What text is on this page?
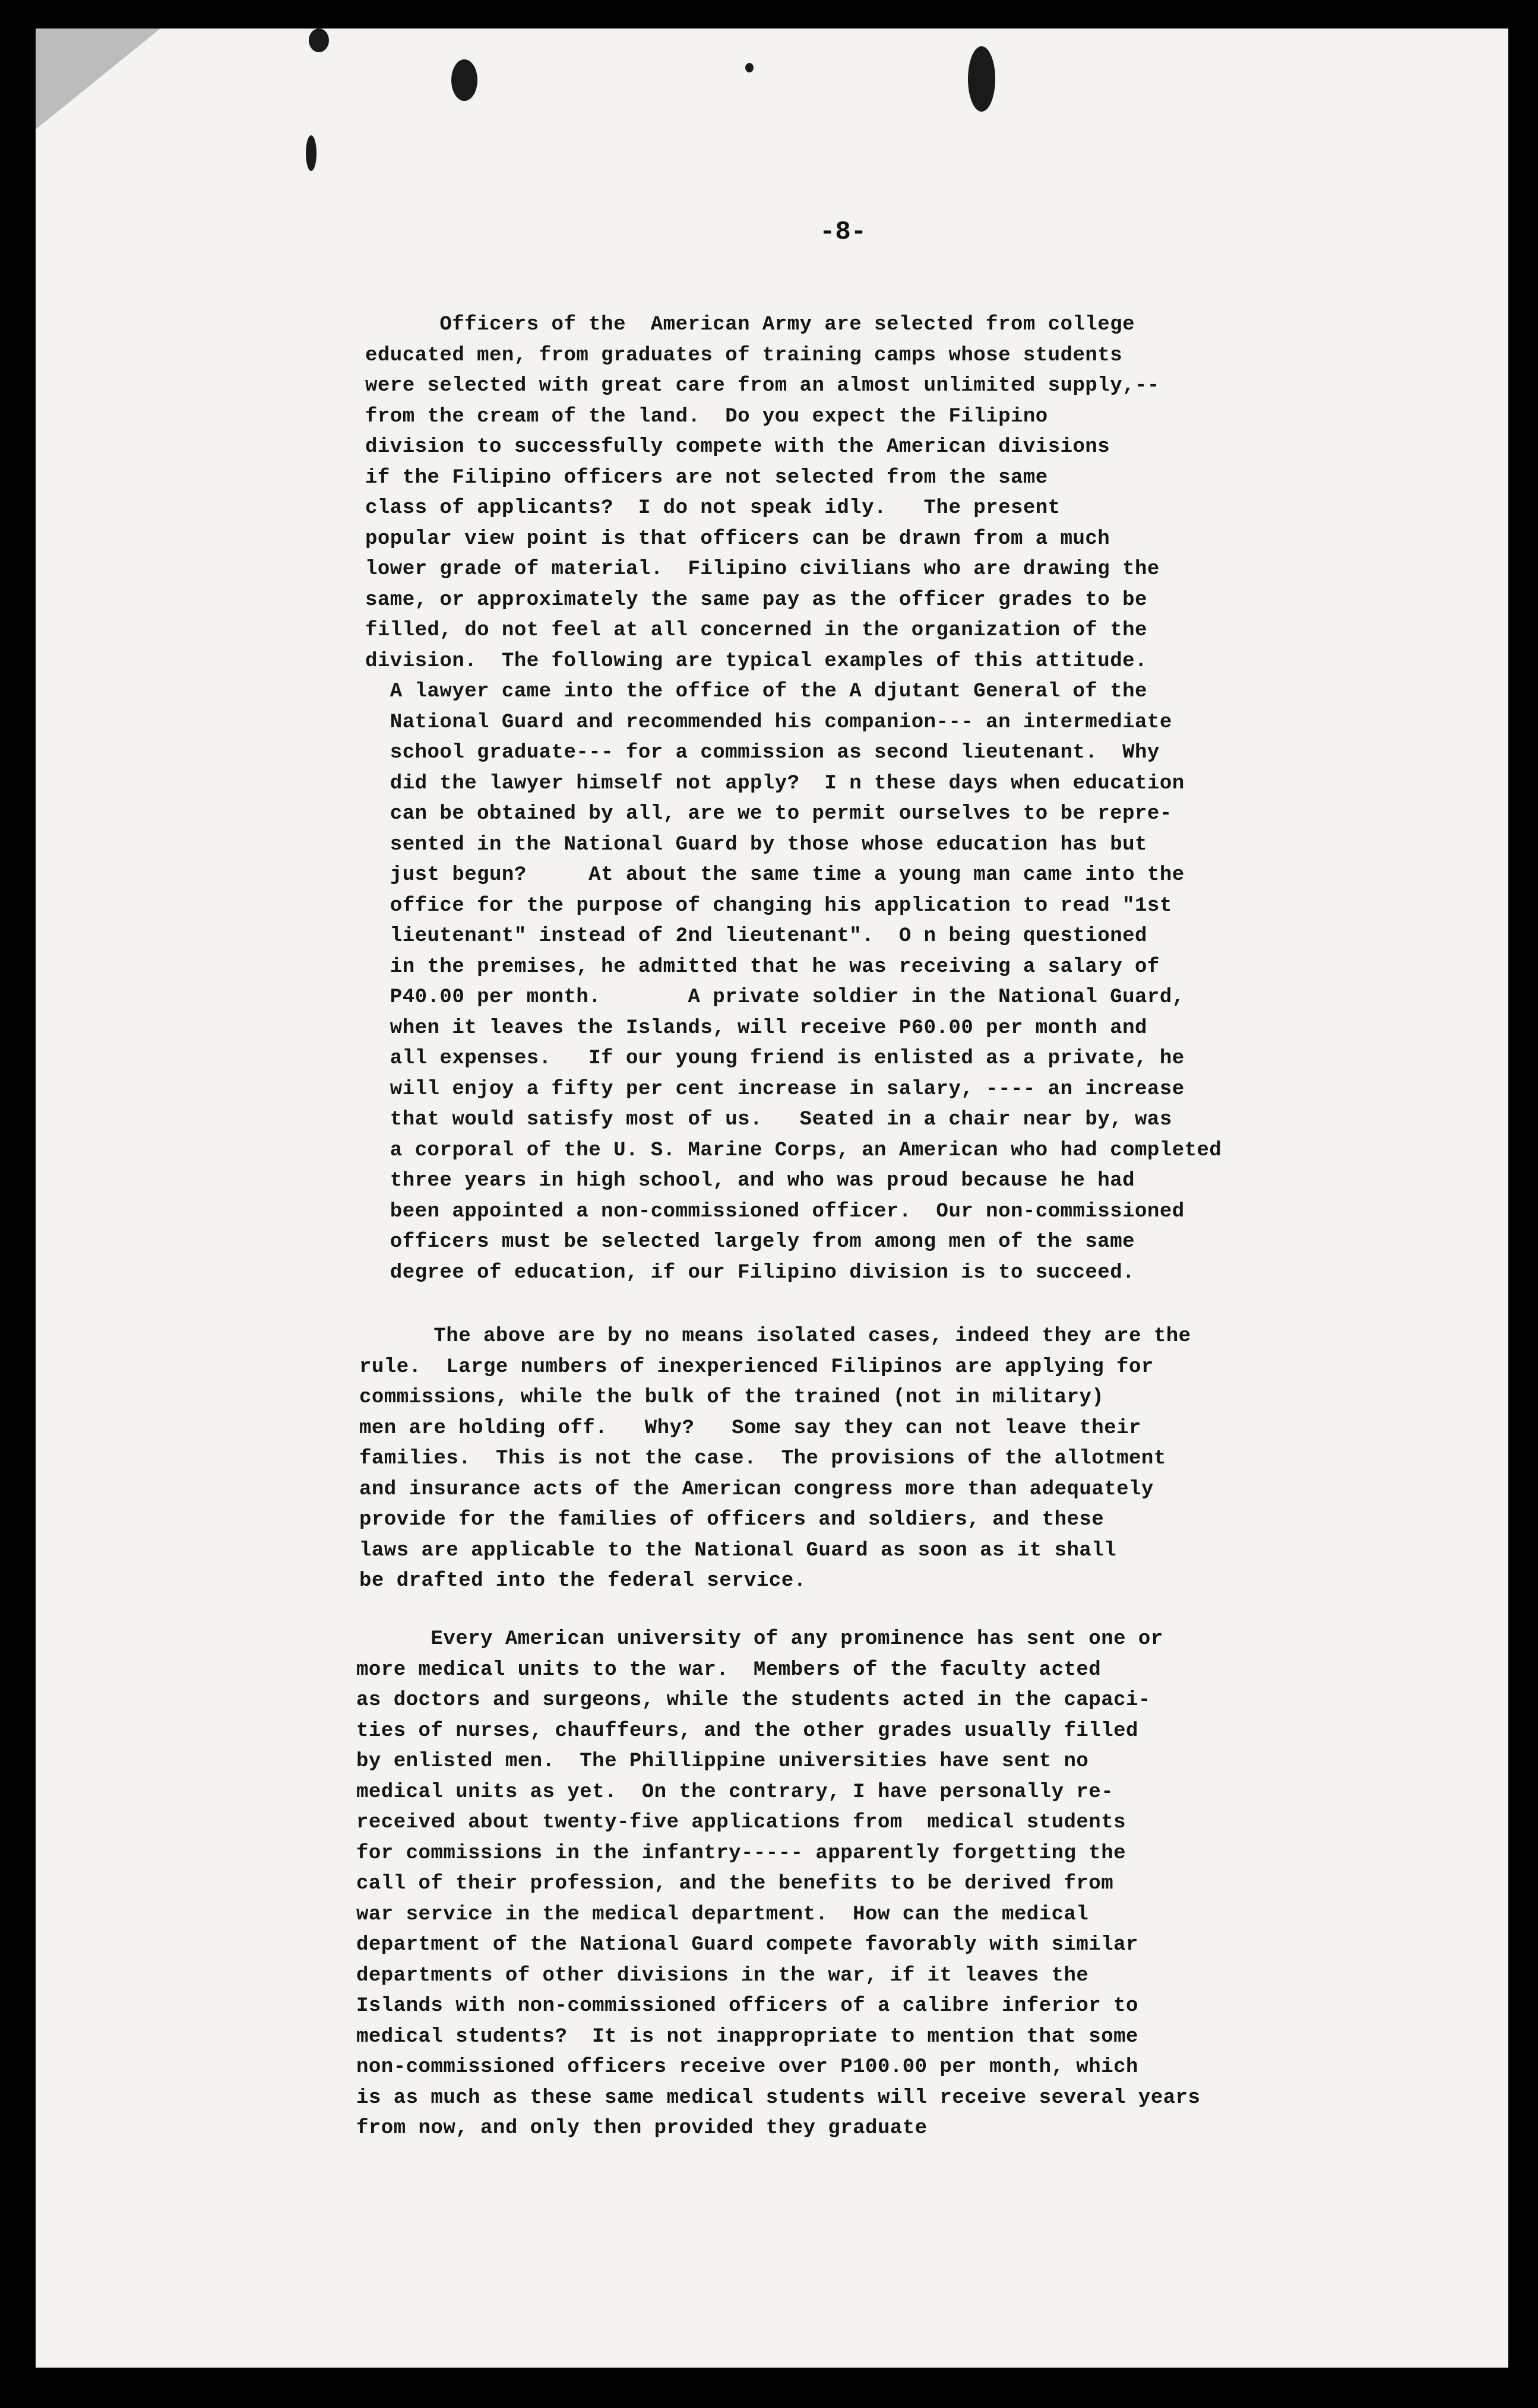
-8-
Officers of the  American Army are selected from college
educated men, from graduates of training camps whose students
were selected with great care from an almost unlimited supply,--
from the cream of the land.  Do you expect the Filipino
division to successfully compete with the American divisions
if the Filipino officers are not selected from the same
class of applicants?  I do not speak idly.   The present
popular view point is that officers can be drawn from a much
lower grade of material.  Filipino civilians who are drawing the
same, or approximately the same pay as the officer grades to be
filled, do not feel at all concerned in the organization of the
division.  The following are typical examples of this attitude.
A lawyer came into the office of the A djutant General of the
National Guard and recommended his companion--- an intermediate
school graduate--- for a commission as second lieutenant.  Why
did the lawyer himself not apply?  I n these days when education
can be obtained by all, are we to permit ourselves to be repre-
sented in the National Guard by those whose education has but
just begun?     At about the same time a young man came into the
office for the purpose of changing his application to read "1st
lieutenant" instead of 2nd lieutenant".  O n being questioned
in the premises, he admitted that he was receiving a salary of
P40.00 per month.       A private soldier in the National Guard,
when it leaves the Islands, will receive P60.00 per month and
all expenses.   If our young friend is enlisted as a private, he
will enjoy a fifty per cent increase in salary, ---- an increase
that would satisfy most of us.   Seated in a chair near by, was
a corporal of the U. S. Marine Corps, an American who had completed
three years in high school, and who was proud because he had
been appointed a non-commissioned officer.  Our non-commissioned
officers must be selected largely from among men of the same
degree of education, if our Filipino division is to succeed.
The above are by no means isolated cases, indeed they are the
rule.  Large numbers of inexperienced Filipinos are applying for
commissions, while the bulk of the trained (not in military)
men are holding off.   Why?   Some say they can not leave their
families.  This is not the case.  The provisions of the allotment
and insurance acts of the American congress more than adequately
provide for the families of officers and soldiers, and these
laws are applicable to the National Guard as soon as it shall
be drafted into the federal service.
Every American university of any prominence has sent one or
more medical units to the war.  Members of the faculty acted
as doctors and surgeons, while the students acted in the capaci-
ties of nurses, chauffeurs, and the other grades usually filled
by enlisted men.  The Phillippine universities have sent no
medical units as yet.  On the contrary, I have personally re-
received about twenty-five applications from  medical students
for commissions in the infantry----- apparently forgetting the
call of their profession, and the benefits to be derived from
war service in the medical department.  How can the medical
department of the National Guard compete favorably with similar
departments of other divisions in the war, if it leaves the
Islands with non-commissioned officers of a calibre inferior to
medical students?  It is not inappropriate to mention that some
non-commissioned officers receive over P100.00 per month, which
is as much as these same medical students will receive several years
from now, and only then provided they graduate
